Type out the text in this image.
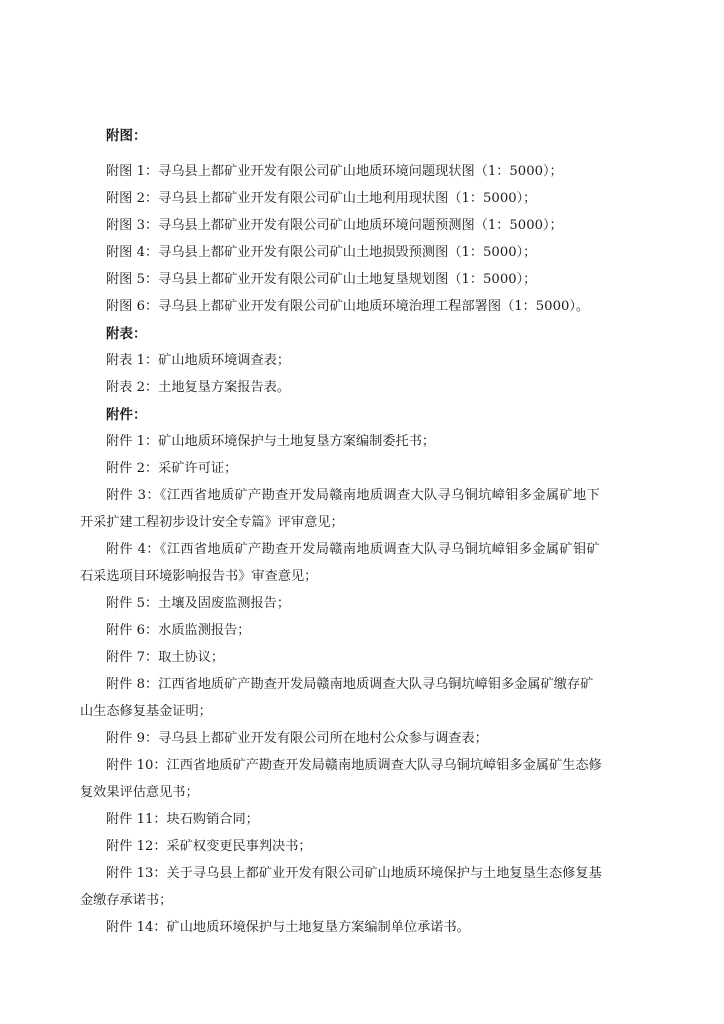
附图：
附图 1：寻乌县上都矿业开发有限公司矿山地质环境问题现状图（1：5000）；
附图 2：寻乌县上都矿业开发有限公司矿山土地利用现状图（1：5000）；
附图 3：寻乌县上都矿业开发有限公司矿山地质环境问题预测图（1：5000）；
附图 4：寻乌县上都矿业开发有限公司矿山土地损毁预测图（1：5000）；
附图 5：寻乌县上都矿业开发有限公司矿山土地复垦规划图（1：5000）；
附图 6：寻乌县上都矿业开发有限公司矿山地质环境治理工程部署图（1：5000）。
附表：
附表 1：矿山地质环境调查表；
附表 2：土地复垦方案报告表。
附件：
附件 1：矿山地质环境保护与土地复垦方案编制委托书；
附件 2：采矿许可证；
附件 3：《江西省地质矿产勘查开发局赣南地质调查大队寻乌铜坑嶂钼多金属矿地下
开采扩建工程初步设计安全专篇》评审意见；
附件 4：《江西省地质矿产勘查开发局赣南地质调查大队寻乌铜坑嶂钼多金属矿钼矿
石采选项目环境影响报告书》审查意见；
附件 5：土壤及固废监测报告；
附件 6：水质监测报告；
附件 7：取土协议；
附件 8：江西省地质矿产勘查开发局赣南地质调查大队寻乌铜坑嶂钼多金属矿缴存矿
山生态修复基金证明；
附件 9：寻乌县上都矿业开发有限公司所在地村公众参与调查表；
附件 10：江西省地质矿产勘查开发局赣南地质调查大队寻乌铜坑嶂钼多金属矿生态修
复效果评估意见书；
附件 11：块石购销合同；
附件 12：采矿权变更民事判决书；
附件 13：关于寻乌县上都矿业开发有限公司矿山地质环境保护与土地复垦生态修复基
金缴存承诺书；
附件 14：矿山地质环境保护与土地复垦方案编制单位承诺书。
